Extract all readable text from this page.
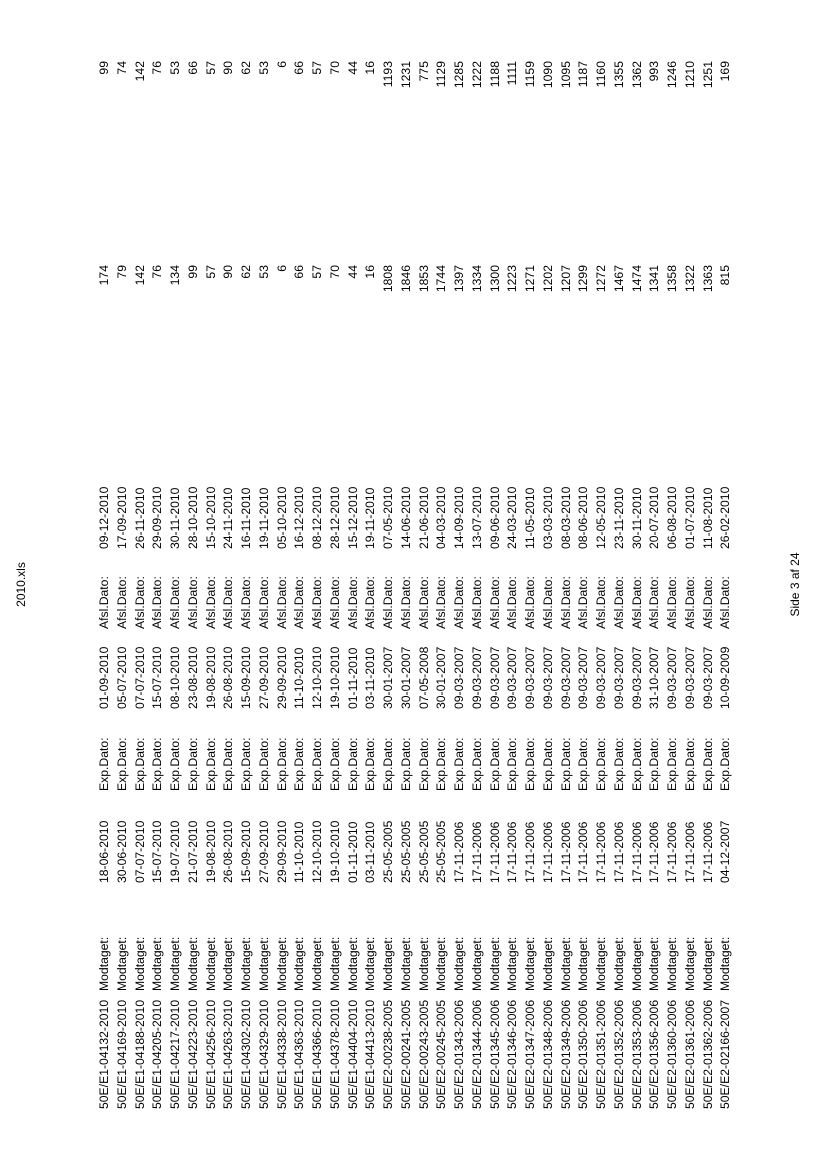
2010.xls
50E/E1-04132-2010
Modtaget:
18-06-2010
Exp.Dato:
01-09-2010
Afsl.Dato:
09-12-2010
174
99
50E/E1-04169-2010
Modtaget:
30-06-2010
Exp.Dato:
05-07-2010
Afsl.Dato:
17-09-2010
79
74
50E/E1-04188-2010
Modtaget:
07-07-2010
Exp.Dato:
07-07-2010
Afsl.Dato:
26-11-2010
142
142
50E/E1-04205-2010
Modtaget:
15-07-2010
Exp.Dato:
15-07-2010
Afsl.Dato:
29-09-2010
76
76
50E/E1-04217-2010
Modtaget:
19-07-2010
Exp.Dato:
08-10-2010
Afsl.Dato:
30-11-2010
134
53
50E/E1-04223-2010
Modtaget:
21-07-2010
Exp.Dato:
23-08-2010
Afsl.Dato:
28-10-2010
99
66
50E/E1-04256-2010
Modtaget:
19-08-2010
Exp.Dato:
19-08-2010
Afsl.Dato:
15-10-2010
57
57
50E/E1-04263-2010
Modtaget:
26-08-2010
Exp.Dato:
26-08-2010
Afsl.Dato:
24-11-2010
90
90
50E/E1-04302-2010
Modtaget:
15-09-2010
Exp.Dato:
15-09-2010
Afsl.Dato:
16-11-2010
62
62
50E/E1-04329-2010
Modtaget:
27-09-2010
Exp.Dato:
27-09-2010
Afsl.Dato:
19-11-2010
53
53
50E/E1-04338-2010
Modtaget:
29-09-2010
Exp.Dato:
29-09-2010
Afsl.Dato:
05-10-2010
6
6
50E/E1-04363-2010
Modtaget:
11-10-2010
Exp.Dato:
11-10-2010
Afsl.Dato:
16-12-2010
66
66
50E/E1-04366-2010
Modtaget:
12-10-2010
Exp.Dato:
12-10-2010
Afsl.Dato:
08-12-2010
57
57
50E/E1-04378-2010
Modtaget:
19-10-2010
Exp.Dato:
19-10-2010
Afsl.Dato:
28-12-2010
70
70
50E/E1-04404-2010
Modtaget:
01-11-2010
Exp.Dato:
01-11-2010
Afsl.Dato:
15-12-2010
44
44
50E/E1-04413-2010
Modtaget:
03-11-2010
Exp.Dato:
03-11-2010
Afsl.Dato:
19-11-2010
16
16
50E/E2-00238-2005
Modtaget:
25-05-2005
Exp.Dato:
30-01-2007
Afsl.Dato:
07-05-2010
1808
1193
50E/E2-00241-2005
Modtaget:
25-05-2005
Exp.Dato:
30-01-2007
Afsl.Dato:
14-06-2010
1846
1231
50E/E2-00243-2005
Modtaget:
25-05-2005
Exp.Dato:
07-05-2008
Afsl.Dato:
21-06-2010
1853
775
50E/E2-00245-2005
Modtaget:
25-05-2005
Exp.Dato:
30-01-2007
Afsl.Dato:
04-03-2010
1744
1129
50E/E2-01343-2006
Modtaget:
17-11-2006
Exp.Dato:
09-03-2007
Afsl.Dato:
14-09-2010
1397
1285
50E/E2-01344-2006
Modtaget:
17-11-2006
Exp.Dato:
09-03-2007
Afsl.Dato:
13-07-2010
1334
1222
50E/E2-01345-2006
Modtaget:
17-11-2006
Exp.Dato:
09-03-2007
Afsl.Dato:
09-06-2010
1300
1188
50E/E2-01346-2006
Modtaget:
17-11-2006
Exp.Dato:
09-03-2007
Afsl.Dato:
24-03-2010
1223
1111
50E/E2-01347-2006
Modtaget:
17-11-2006
Exp.Dato:
09-03-2007
Afsl.Dato:
11-05-2010
1271
1159
50E/E2-01348-2006
Modtaget:
17-11-2006
Exp.Dato:
09-03-2007
Afsl.Dato:
03-03-2010
1202
1090
50E/E2-01349-2006
Modtaget:
17-11-2006
Exp.Dato:
09-03-2007
Afsl.Dato:
08-03-2010
1207
1095
50E/E2-01350-2006
Modtaget:
17-11-2006
Exp.Dato:
09-03-2007
Afsl.Dato:
08-06-2010
1299
1187
50E/E2-01351-2006
Modtaget:
17-11-2006
Exp.Dato:
09-03-2007
Afsl.Dato:
12-05-2010
1272
1160
50E/E2-01352-2006
Modtaget:
17-11-2006
Exp.Dato:
09-03-2007
Afsl.Dato:
23-11-2010
1467
1355
50E/E2-01353-2006
Modtaget:
17-11-2006
Exp.Dato:
09-03-2007
Afsl.Dato:
30-11-2010
1474
1362
50E/E2-01356-2006
Modtaget:
17-11-2006
Exp.Dato:
31-10-2007
Afsl.Dato:
20-07-2010
1341
993
50E/E2-01360-2006
Modtaget:
17-11-2006
Exp.Dato:
09-03-2007
Afsl.Dato:
06-08-2010
1358
1246
50E/E2-01361-2006
Modtaget:
17-11-2006
Exp.Dato:
09-03-2007
Afsl.Dato:
01-07-2010
1322
1210
50E/E2-01362-2006
Modtaget:
17-11-2006
Exp.Dato:
09-03-2007
Afsl.Dato:
11-08-2010
1363
1251
50E/E2-02166-2007
Modtaget:
04-12-2007
Exp.Dato:
10-09-2009
Afsl.Dato:
26-02-2010
815
169
Side 3 af 24
